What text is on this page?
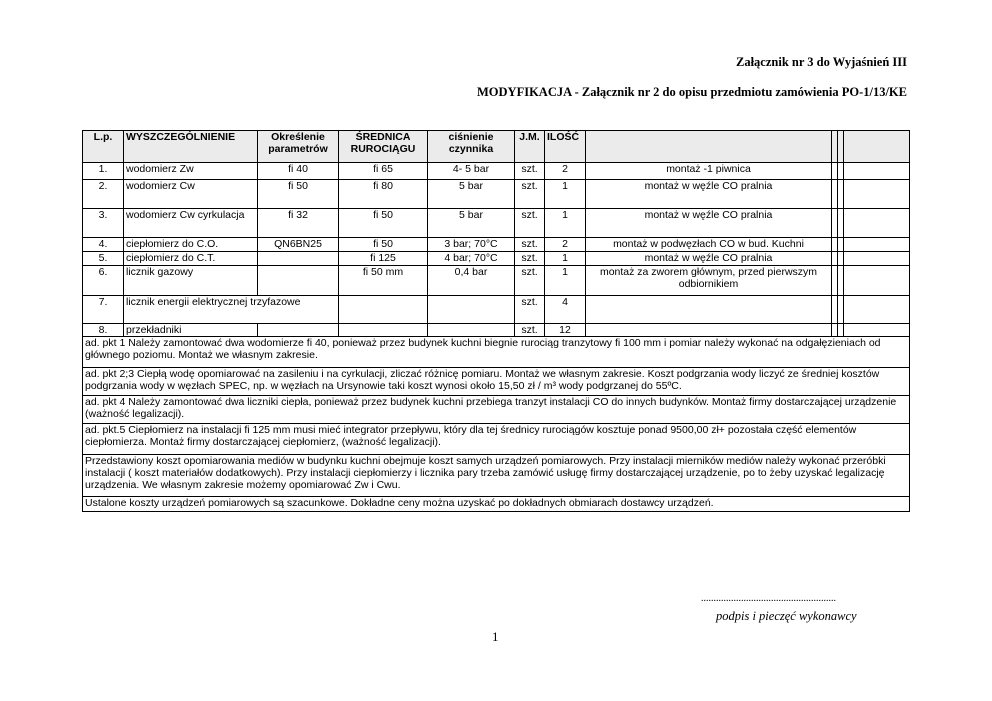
Załącznik nr 3 do Wyjaśnień III
MODYFIKACJA - Załącznik nr 2 do opisu przedmiotu zamówienia PO-1/13/KE
L.p.	WYSZCZEGÓLNIENIE	Określenie parametrów	ŚREDNICA RUROCIĄGU	ciśnienie czynnika	J.M.	ILOŚĆ				
1.	wodomierz Zw	fi 40	fi 65	4- 5 bar	szt.	2	montaż -1 piwnica			
2.	wodomierz Cw	fi 50	fi 80	5 bar	szt.	1	montaż w węźle CO pralnia			
3.	wodomierz Cw cyrkulacja	fi 32	fi 50	5 bar	szt.	1	montaż w węźle CO pralnia			
4.	ciepłomierz do C.O.	QN6BN25	fi 50	3 bar; 70°C	szt.	2	montaż w podwęzłach CO w bud. Kuchni			
5.	ciepłomierz do C.T.		fi 125	4 bar; 70°C	szt.	1	montaż w węźle CO pralnia			
6.	licznik gazowy		fi 50 mm	0,4 bar	szt.	1	montaż za zworem głównym, przed pierwszym odbiornikiem			
7.	licznik energii elektrycznej trzyfazowe				szt.	4				
8.	przekładniki				szt.	12				
ad. pkt 1 Należy zamontować dwa wodomierze fi 40, ponieważ przez budynek kuchni biegnie rurociąg tranzytowy fi 100 mm i pomiar należy wykonać na odgałęzieniach od głównego poziomu. Montaż we własnym zakresie.										
ad. pkt 2;3 Ciepłą wodę opomiarować na zasileniu i na cyrkulacji, zliczać różnicę pomiaru. Montaż we własnym zakresie. Koszt podgrzania wody liczyć ze średniej kosztów podgrzania wody w węzłach SPEC, np. w węzłach na Ursynowie taki koszt wynosi około 15,50 zł / m³ wody podgrzanej do 55ºC.										
ad. pkt 4 Należy zamontować dwa liczniki ciepła, ponieważ przez budynek kuchni przebiega tranzyt instalacji CO do innych budynków. Montaż firmy dostarczającej urządzenie (ważność legalizacji).										
ad. pkt.5 Ciepłomierz na instalacji fi 125 mm musi mieć integrator przepływu, który dla tej średnicy rurociągów kosztuje ponad 9500,00 zł+ pozostała część elementów ciepłomierza. Montaż firmy dostarczającej ciepłomierz, (ważność legalizacji).										
Przedstawiony koszt opomiarowania mediów w budynku kuchni obejmuje koszt samych urządzeń pomiarowych. Przy instalacji mierników mediów należy wykonać przeróbki instalacji ( koszt materiałów dodatkowych). Przy instalacji ciepłomierzy i licznika pary trzeba zamówić usługę firmy dostarczającej urządzenie, po to żeby uzyskać legalizację urządzenia. We własnym zakresie możemy opomiarować Zw i Cwu.										
Ustalone koszty urządzeń pomiarowych są szacunkowe. Dokładne ceny można uzyskać po dokładnych obmiarach dostawcy urządzeń.										
......................................................
podpis i pieczęć wykonawcy
1
